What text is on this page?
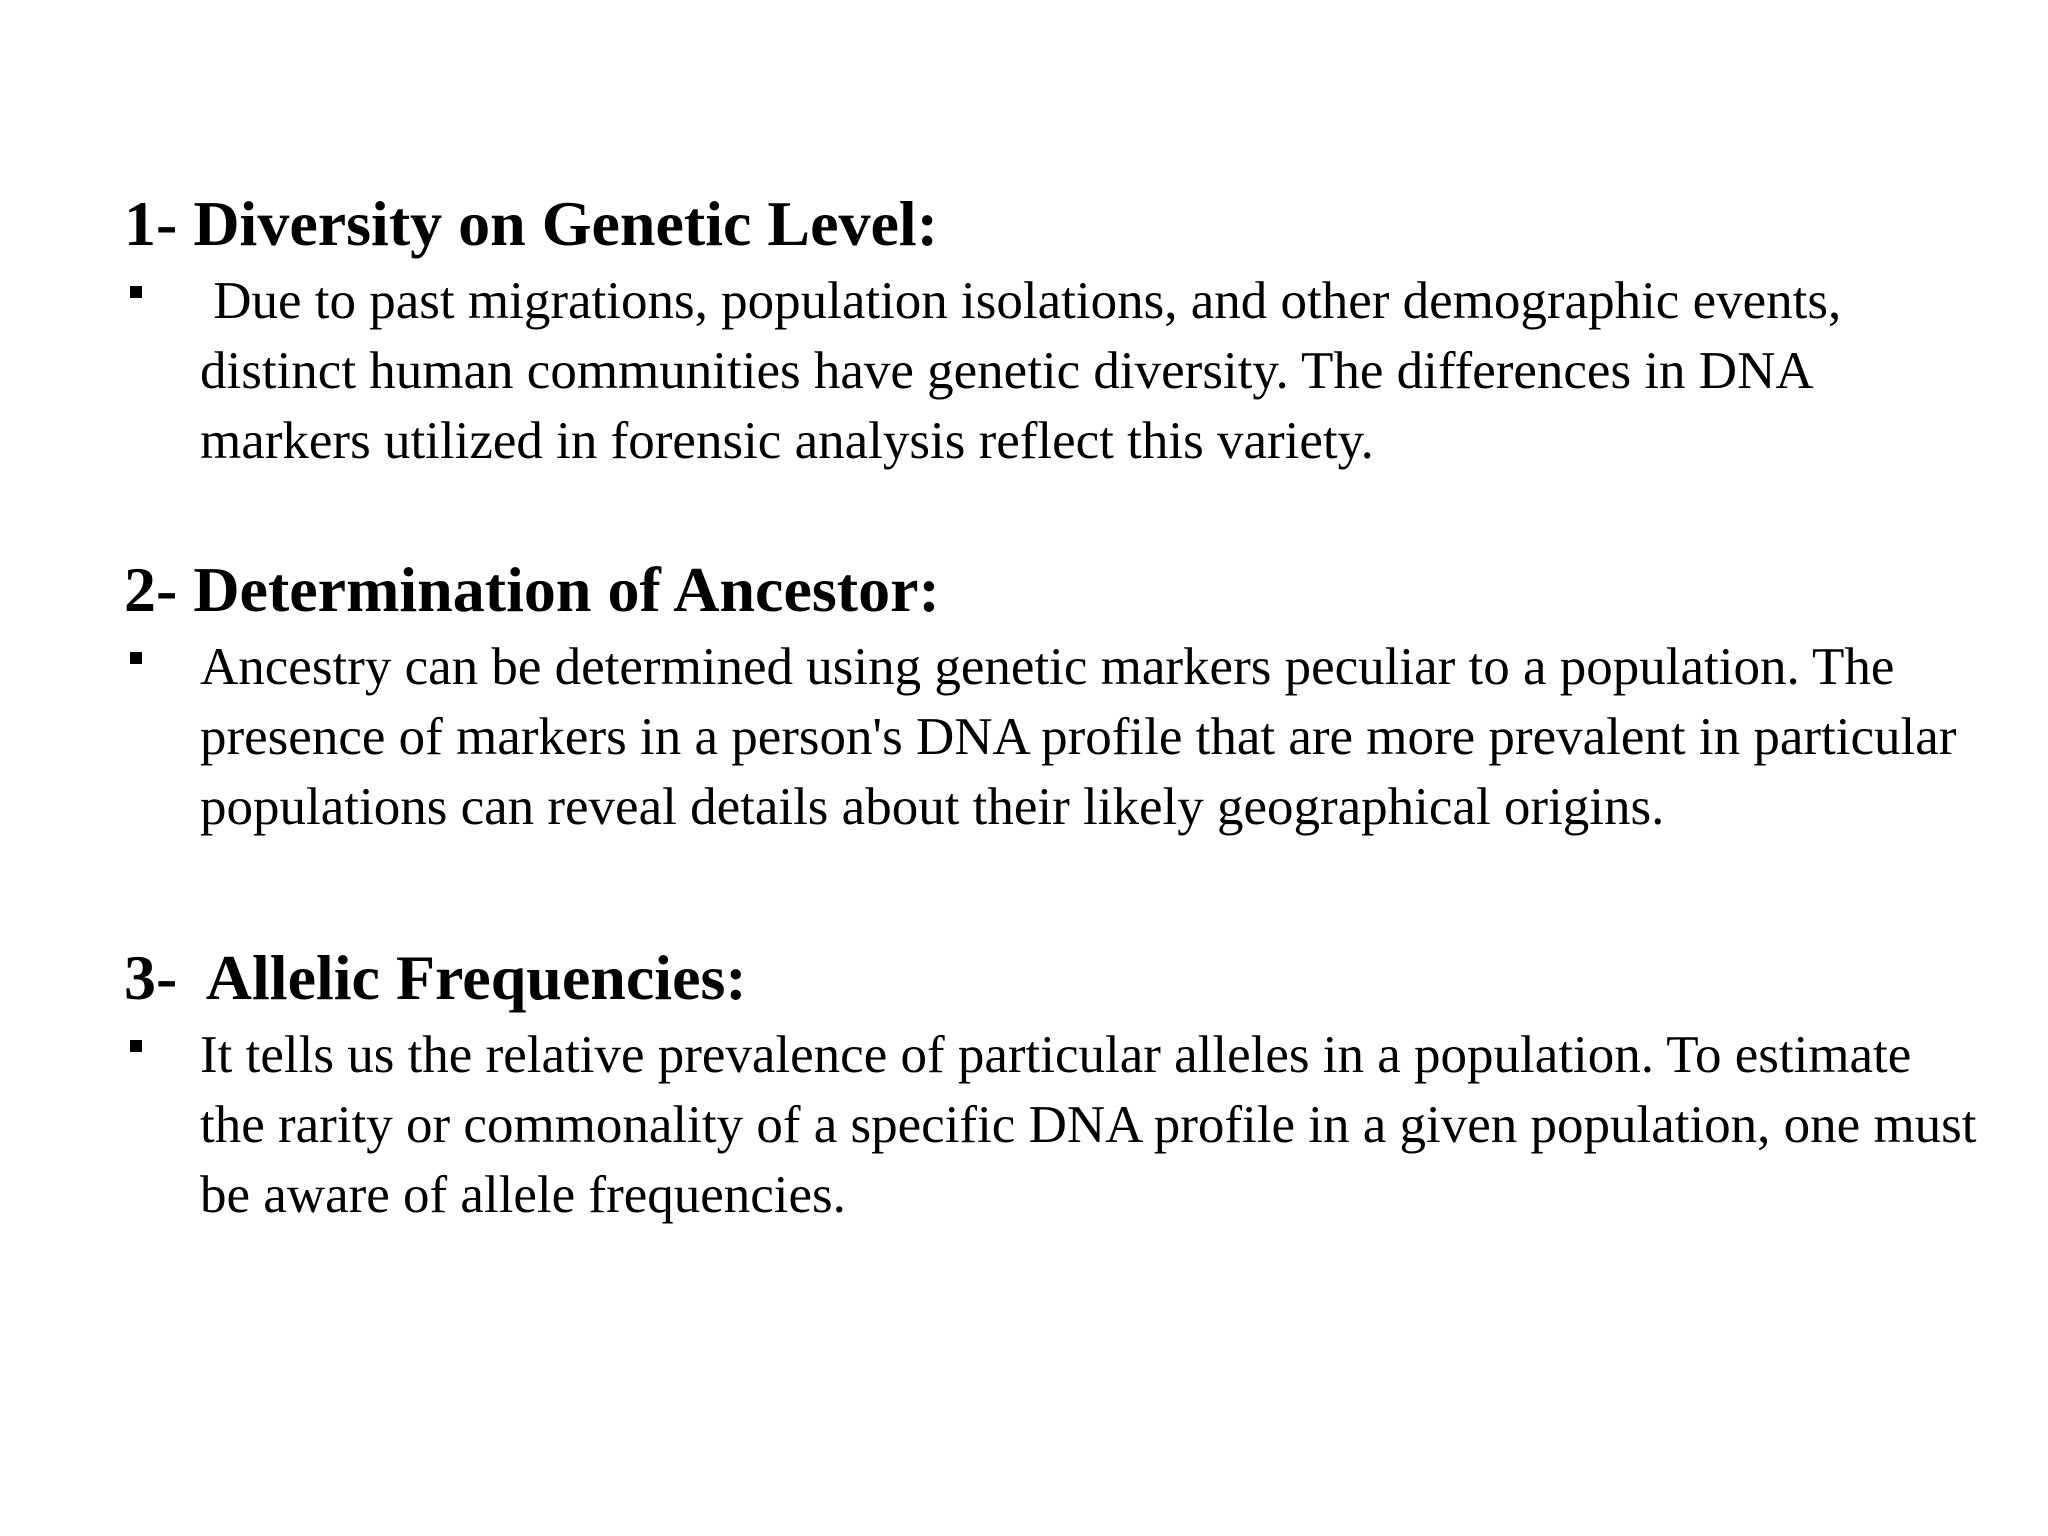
1- Diversity on Genetic Level:
Due to past migrations, population isolations, and other demographic events, distinct human communities have genetic diversity. The differences in DNA markers utilized in forensic analysis reflect this variety.
2- Determination of Ancestor:
Ancestry can be determined using genetic markers peculiar to a population. The presence of markers in a person's DNA profile that are more prevalent in particular populations can reveal details about their likely geographical origins.
3-  Allelic Frequencies:
It tells us the relative prevalence of particular alleles in a population. To estimate the rarity or commonality of a specific DNA profile in a given population, one must be aware of allele frequencies.
